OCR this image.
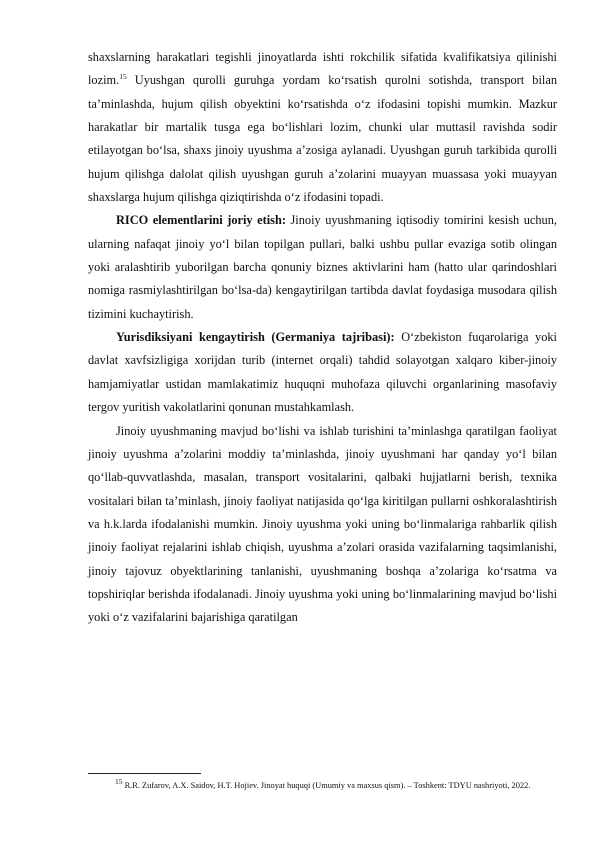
shaxslarning harakatlari tegishli jinoyatlarda ishti rokchilik sifatida kvalifikatsiya qilinishi lozim.$^{15}$ Uyushgan qurolli guruhga yordam ko‘rsatish qurolni sotishda, transport bilan ta’minlashda, hujum qilish obyektini ko‘rsatishda o‘z ifodasini topishi mumkin. Mazkur harakatlar bir martalik tusga ega bo‘lishlari lozim, chunki ular muttasil ravishda sodir etilayotgan bo‘lsa, shaxs jinoiy uyushma a’zosiga aylanadi. Uyushgan guruh tarkibida qurolli hujum qilishga dalolat qilish uyushgan guruh a’zolarini muayyan muassasa yoki muayyan shaxslarga hujum qilishga qiziqtirishda o‘z ifodasini topadi.

RICO elementlarini joriy etish: Jinoiy uyushmaning iqtisodiy tomirini kesish uchun, ularning nafaqat jinoiy yo‘l bilan topilgan pullari, balki ushbu pullar evaziga sotib olingan yoki aralashtirib yuborilgan barcha qonuniy biznes aktivlarini ham (hatto ular qarindoshlari nomiga rasmiylashtirilgan bo‘lsa-da) kengaytirilgan tartibda davlat foydasiga musodara qilish tizimini kuchaytirish.

Yurisdiksiyani kengaytirish (Germaniya tajribasi): O‘zbekiston fuqarolariga yoki davlat xavfsizligiga xorijdan turib (internet orqali) tahdid solayotgan xalqaro kiber-jinoiy hamjamiyatlar ustidan mamlakatimiz huquqni muhofaza qiluvchi organlarining masofaviy tergov yuritish vakolatlarini qonunan mustahkamlash.

Jinoiy uyushmaning mavjud bo‘lishi va ishlab turishini ta’minlashga qaratilgan faoliyat jinoiy uyushma a’zolarini moddiy ta’minlashda, jinoiy uyushmani har qanday yo‘l bilan qo‘llab-quvvatlashda, masalan, transport vositalarini, qalbaki hujjatlarni berish, texnika vositalari bilan ta’minlash, jinoiy faoliyat natijasida qo‘lga kiritilgan pullarni oshkoralashtirish va h.k.larda ifodalanishi mumkin. Jinoiy uyushma yoki uning bo‘linmalariga rahbarlik qilish jinoiy faoliyat rejalarini ishlab chiqish, uyushma a’zolari orasida vazifalarning taqsimlanishi, jinoiy tajovuz obyektlarining tanlanishi, uyushmaning boshqa a’zolariga ko‘rsatma va topshiriqlar berishda ifodalanadi. Jinoiy uyushma yoki uning bo‘linmalarining mavjud bo‘lishi yoki o‘z vazifalarini bajarishiga qaratilgan

$^{15}$ R.R. Zufarov, A.X. Saidov, H.T. Hojiev. Jinoyat huquqi (Umumiy va maxsus qism). – Toshkent: TDYU nashriyoti, 2022.
